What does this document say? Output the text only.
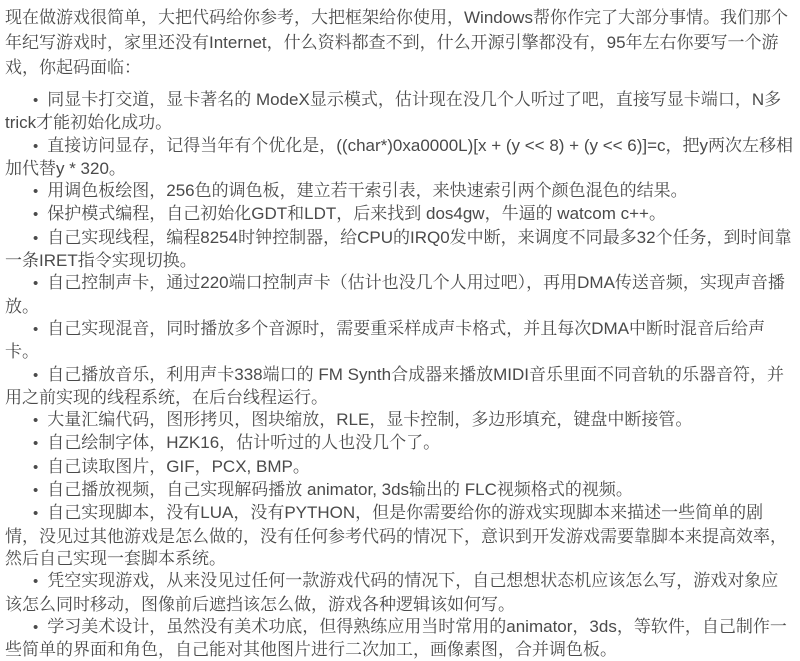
现在做游戏很简单，大把代码给你参考，大把框架给你使用，Windows帮你作完了大部分事情。我们那个年纪写游戏时，家里还没有Internet，什么资料都查不到，什么开源引擎都没有，95年左右你要写一个游戏，你起码面临：

• 同显卡打交道，显卡著名的 ModeX显示模式，估计现在没几个人听过了吧，直接写显卡端口，N多trick才能初始化成功。
• 直接访问显存，记得当年有个优化是，((char*)0xa0000L)[x + (y << 8) + (y << 6)]=c，把y两次左移相加代替y * 320。
• 用调色板绘图，256色的调色板，建立若干索引表，来快速索引两个颜色混色的结果。
• 保护模式编程，自己初始化GDT和LDT，后来找到 dos4gw，牛逼的 watcom c++。
• 自己实现线程，编程8254时钟控制器，给CPU的IRQ0发中断，来调度不同最多32个任务，到时间靠一条IRET指令实现切换。
• 自己控制声卡，通过220端口控制声卡（估计也没几个人用过吧），再用DMA传送音频，实现声音播放。
• 自己实现混音，同时播放多个音源时，需要重采样成声卡格式，并且每次DMA中断时混音后给声卡。
• 自己播放音乐，利用声卡338端口的 FM Synth合成器来播放MIDI音乐里面不同音轨的乐器音符，并用之前实现的线程系统，在后台线程运行。
• 大量汇编代码，图形拷贝，图块缩放，RLE，显卡控制，多边形填充，键盘中断接管。
• 自己绘制字体，HZK16，估计听过的人也没几个了。
• 自己读取图片，GIF，PCX, BMP。
• 自己播放视频，自己实现解码播放 animator, 3ds输出的 FLC视频格式的视频。
• 自己实现脚本，没有LUA，没有PYTHON，但是你需要给你的游戏实现脚本来描述一些简单的剧情，没见过其他游戏是怎么做的，没有任何参考代码的情况下，意识到开发游戏需要靠脚本来提高效率，然后自己实现一套脚本系统。
• 凭空实现游戏，从来没见过任何一款游戏代码的情况下，自己想想状态机应该怎么写，游戏对象应该怎么同时移动，图像前后遮挡该怎么做，游戏各种逻辑该如何写。
• 学习美术设计，虽然没有美术功底，但得熟练应用当时常用的animator，3ds，等软件，自己制作一些简单的界面和角色，自己能对其他图片进行二次加工，画像素图，合并调色板。
